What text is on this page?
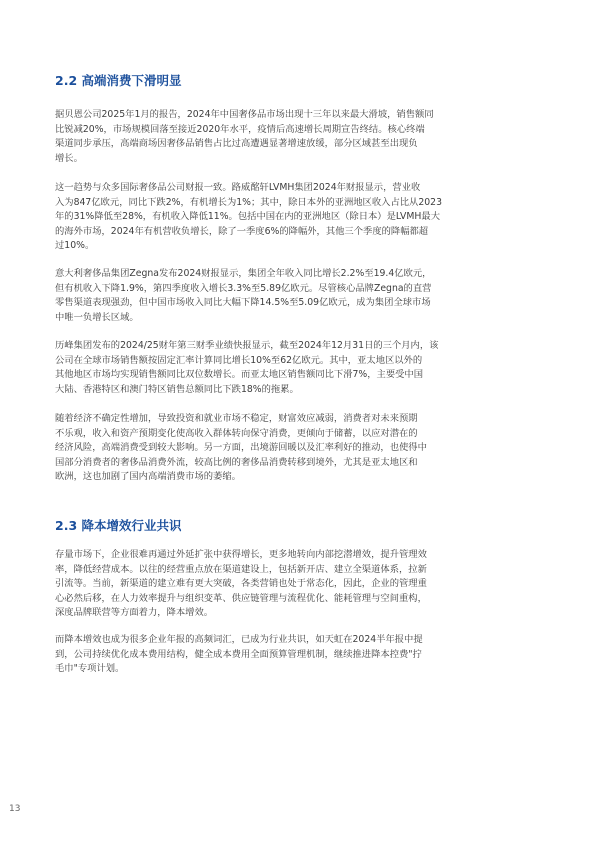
2.2 高端消费下滑明显
据贝恩公司2025年1月的报告，2024年中国奢侈品市场出现十三年以来最大滑坡，销售额同
比锐减20%，市场规模回落至接近2020年水平，疫情后高速增长周期宣告终结。核心终端
渠道同步承压，高端商场因奢侈品销售占比过高遭遇显著增速放缓，部分区域甚至出现负
增长。
这一趋势与众多国际奢侈品公司财报一致。路威酩轩LVMH集团2024年财报显示，营业收
入为847亿欧元，同比下跌2%，有机增长为1%；其中，除日本外的亚洲地区收入占比从2023
年的31%降低至28%，有机收入降低11%。包括中国在内的亚洲地区（除日本）是LVMH最大
的海外市场，2024年有机营收负增长，除了一季度6%的降幅外，其他三个季度的降幅都超
过10%。
意大利奢侈品集团Zegna发布2024财报显示，集团全年收入同比增长2.2%至19.4亿欧元，
但有机收入下降1.9%，第四季度收入增长3.3%至5.89亿欧元。尽管核心品牌Zegna的直营
零售渠道表现强劲，但中国市场收入同比大幅下降14.5%至5.09亿欧元，成为集团全球市场
中唯一负增长区域。
历峰集团发布的2024/25财年第三财季业绩快报显示，截至2024年12月31日的三个月内，该
公司在全球市场销售额按固定汇率计算同比增长10%至62亿欧元。其中，亚太地区以外的
其他地区市场均实现销售额同比双位数增长。而亚太地区销售额同比下滑7%，主要受中国
大陆、香港特区和澳门特区销售总额同比下跌18%的拖累。
随着经济不确定性增加，导致投资和就业市场不稳定，财富效应减弱，消费者对未来预期
不乐观，收入和资产预期变化使高收入群体转向保守消费，更倾向于储蓄，以应对潜在的
经济风险，高端消费受到较大影响。另一方面，出境游回暖以及汇率利好的推动，也使得中
国部分消费者的奢侈品消费外流，较高比例的奢侈品消费转移到境外，尤其是亚太地区和
欧洲，这也加剧了国内高端消费市场的萎缩。
2.3 降本增效行业共识
存量市场下，企业很难再通过外延扩张中获得增长，更多地转向内部挖潜增效，提升管理效
率，降低经营成本。以往的经营重点放在渠道建设上，包括新开店、建立全渠道体系，拉新
引流等。当前，新渠道的建立难有更大突破，各类营销也处于常态化，因此，企业的管理重
心必然后移，在人力效率提升与组织变革、供应链管理与流程优化、能耗管理与空间重构，
深度品牌联营等方面着力，降本增效。
而降本增效也成为很多企业年报的高频词汇，已成为行业共识，如天虹在2024半年报中提
到，公司持续优化成本费用结构，健全成本费用全面预算管理机制，继续推进降本控费"拧
毛巾"专项计划。
13
